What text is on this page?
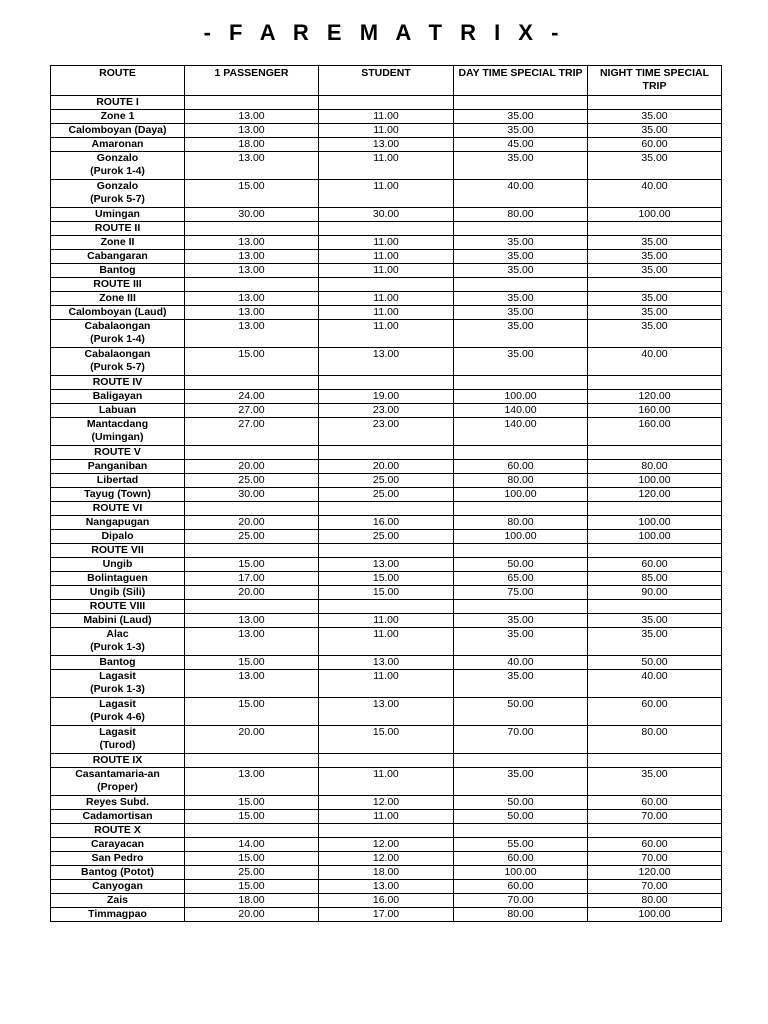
- F A R E M A T R I X -
ROUTE	1 PASSENGER	STUDENT	DAY TIME SPECIAL TRIP	NIGHT TIME SPECIAL TRIP
ROUTE I				
Zone 1	13.00	11.00	35.00	35.00
Calomboyan (Daya)	13.00	11.00	35.00	35.00
Amaronan	18.00	13.00	45.00	60.00
Gonzalo
(Purok 1-4)	13.00	11.00	35.00	35.00
Gonzalo
(Purok 5-7)	15.00	11.00	40.00	40.00
Umingan	30.00	30.00	80.00	100.00
ROUTE II				
Zone II	13.00	11.00	35.00	35.00
Cabangaran	13.00	11.00	35.00	35.00
Bantog	13.00	11.00	35.00	35.00
ROUTE III				
Zone III	13.00	11.00	35.00	35.00
Calomboyan (Laud)	13.00	11.00	35.00	35.00
Cabalaongan
(Purok 1-4)	13.00	11.00	35.00	35.00
Cabalaongan
(Purok 5-7)	15.00	13.00	35.00	40.00
ROUTE IV				
Baligayan	24.00	19.00	100.00	120.00
Labuan	27.00	23.00	140.00	160.00
Mantacdang
(Umingan)	27.00	23.00	140.00	160.00
ROUTE V				
Panganiban	20.00	20.00	60.00	80.00
Libertad	25.00	25.00	80.00	100.00
Tayug (Town)	30.00	25.00	100.00	120.00
ROUTE VI				
Nangapugan	20.00	16.00	80.00	100.00
Dipalo	25.00	25.00	100.00	100.00
ROUTE VII				
Ungib	15.00	13.00	50.00	60.00
Bolintaguen	17.00	15.00	65.00	85.00
Ungib (Sili)	20.00	15.00	75.00	90.00
ROUTE VIII				
Mabini (Laud)	13.00	11.00	35.00	35.00
Alac
(Purok 1-3)	13.00	11.00	35.00	35.00
Bantog	15.00	13.00	40.00	50.00
Lagasit
(Purok 1-3)	13.00	11.00	35.00	40.00
Lagasit
(Purok 4-6)	15.00	13.00	50.00	60.00
Lagasit
(Turod)	20.00	15.00	70.00	80.00
ROUTE IX				
Casantamaria-an
(Proper)	13.00	11.00	35.00	35.00
Reyes Subd.	15.00	12.00	50.00	60.00
Cadamortisan	15.00	11.00	50.00	70.00
ROUTE X				
Carayacan	14.00	12.00	55.00	60.00
San Pedro	15.00	12.00	60.00	70.00
Bantog (Potot)	25.00	18.00	100.00	120.00
Canyogan	15.00	13.00	60.00	70.00
Zais	18.00	16.00	70.00	80.00
Timmagpao	20.00	17.00	80.00	100.00
